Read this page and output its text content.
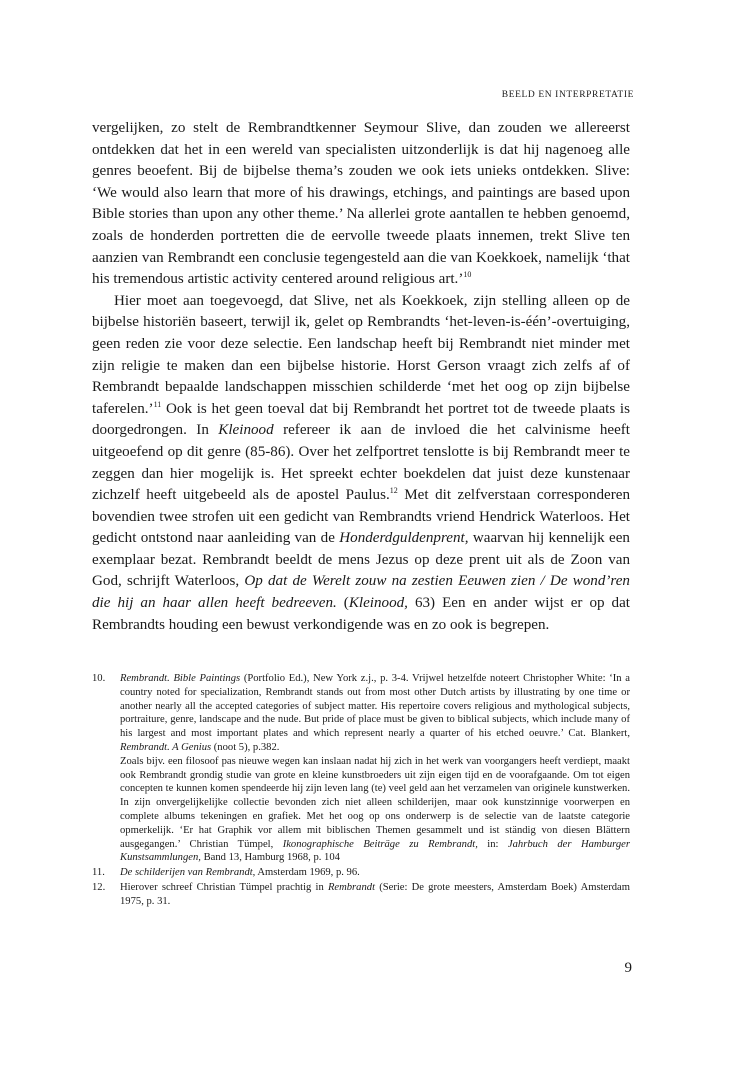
BEELD EN INTERPRETATIE

vergelijken, zo stelt de Rembrandtkenner Seymour Slive, dan zouden we allereerst ontdekken dat het in een wereld van specialisten uitzonderlijk is dat hij nagenoeg alle genres beoefent. Bij de bijbelse thema’s zouden we ook iets unieks ontdekken. Slive: ‘We would also learn that more of his drawings, etchings, and paintings are based upon Bible stories than upon any other theme.’ Na allerlei grote aantallen te hebben genoemd, zoals de honderden portretten die de eervolle tweede plaats innemen, trekt Slive ten aanzien van Rembrandt een conclusie tegengesteld aan die van Koekkoek, namelijk ‘that his tremendous artistic activity centered around religious art.’$^{10}$

Hier moet aan toegevoegd, dat Slive, net als Koekkoek, zijn stelling alleen op de bijbelse historiën baseert, terwijl ik, gelet op Rembrandts ‘het-leven-is-één’-overtuiging, geen reden zie voor deze selectie. Een landschap heeft bij Rembrandt niet minder met zijn religie te maken dan een bijbelse historie. Horst Gerson vraagt zich zelfs af of Rembrandt bepaalde landschappen misschien schilderde ‘met het oog op zijn bijbelse taferelen.’$^{11}$ Ook is het geen toeval dat bij Rembrandt het portret tot de tweede plaats is doorgedrongen. In Kleinood refereer ik aan de invloed die het calvinisme heeft uitgeoefend op dit genre (85-86). Over het zelfportret tenslotte is bij Rembrandt meer te zeggen dan hier mogelijk is. Het spreekt echter boekdelen dat juist deze kunstenaar zichzelf heeft uitgebeeld als de apostel Paulus.$^{12}$ Met dit zelfverstaan corresponderen bovendien twee strofen uit een gedicht van Rembrandts vriend Hendrick Waterloos. Het gedicht ontstond naar aanleiding van de Honderdguldenprent, waarvan hij kennelijk een exemplaar bezat. Rembrandt beeldt de mens Jezus op deze prent uit als de Zoon van God, schrijft Waterloos, Op dat de Werelt zouw na zestien Eeuwen zien / De wond’ren die hij an haar allen heeft bedreeven. (Kleinood, 63) Een en ander wijst er op dat Rembrandts houding een bewust verkondigende was en zo ook is begrepen.

10. Rembrandt. Bible Paintings (Portfolio Ed.), New York z.j., p. 3-4. Vrijwel hetzelfde noteert Christopher White: ‘In a country noted for specialization, Rembrandt stands out from most other Dutch artists by illustrating by one time or another nearly all the accepted categories of subject matter. His repertoire covers religious and mythological subjects, portraiture, genre, landscape and the nude. But pride of place must be given to biblical subjects, which include many of his largest and most important plates and which represent nearly a quarter of his etched oeuvre.’ Cat. Blankert, Rembrandt. A Genius (noot 5), p.382.
Zoals bijv. een filosoof pas nieuwe wegen kan inslaan nadat hij zich in het werk van voorgangers heeft verdiept, maakt ook Rembrandt grondig studie van grote en kleine kunstbroeders uit zijn eigen tijd en de voorafgaande. Om tot eigen concepten te kunnen komen spendeerde hij zijn leven lang (te) veel geld aan het verzamelen van originele kunstwerken. In zijn onvergelijkelijke collectie bevonden zich niet alleen schilderijen, maar ook kunstzinnige voorwerpen en complete albums tekeningen en grafiek. Met het oog op ons onderwerp is de selectie van de laatste categorie opmerkelijk. ‘Er hat Graphik vor allem mit biblischen Themen gesammelt und ist ständig von diesen Blättern ausgegangen.’ Christian Tümpel, Ikonographische Beiträge zu Rembrandt, in: Jahrbuch der Hamburger Kunstsammlungen, Band 13, Hamburg 1968, p. 104
11. De schilderijen van Rembrandt, Amsterdam 1969, p. 96.
12. Hierover schreef Christian Tümpel prachtig in Rembrandt (Serie: De grote meesters, Amsterdam Boek) Amsterdam 1975, p. 31.
9
